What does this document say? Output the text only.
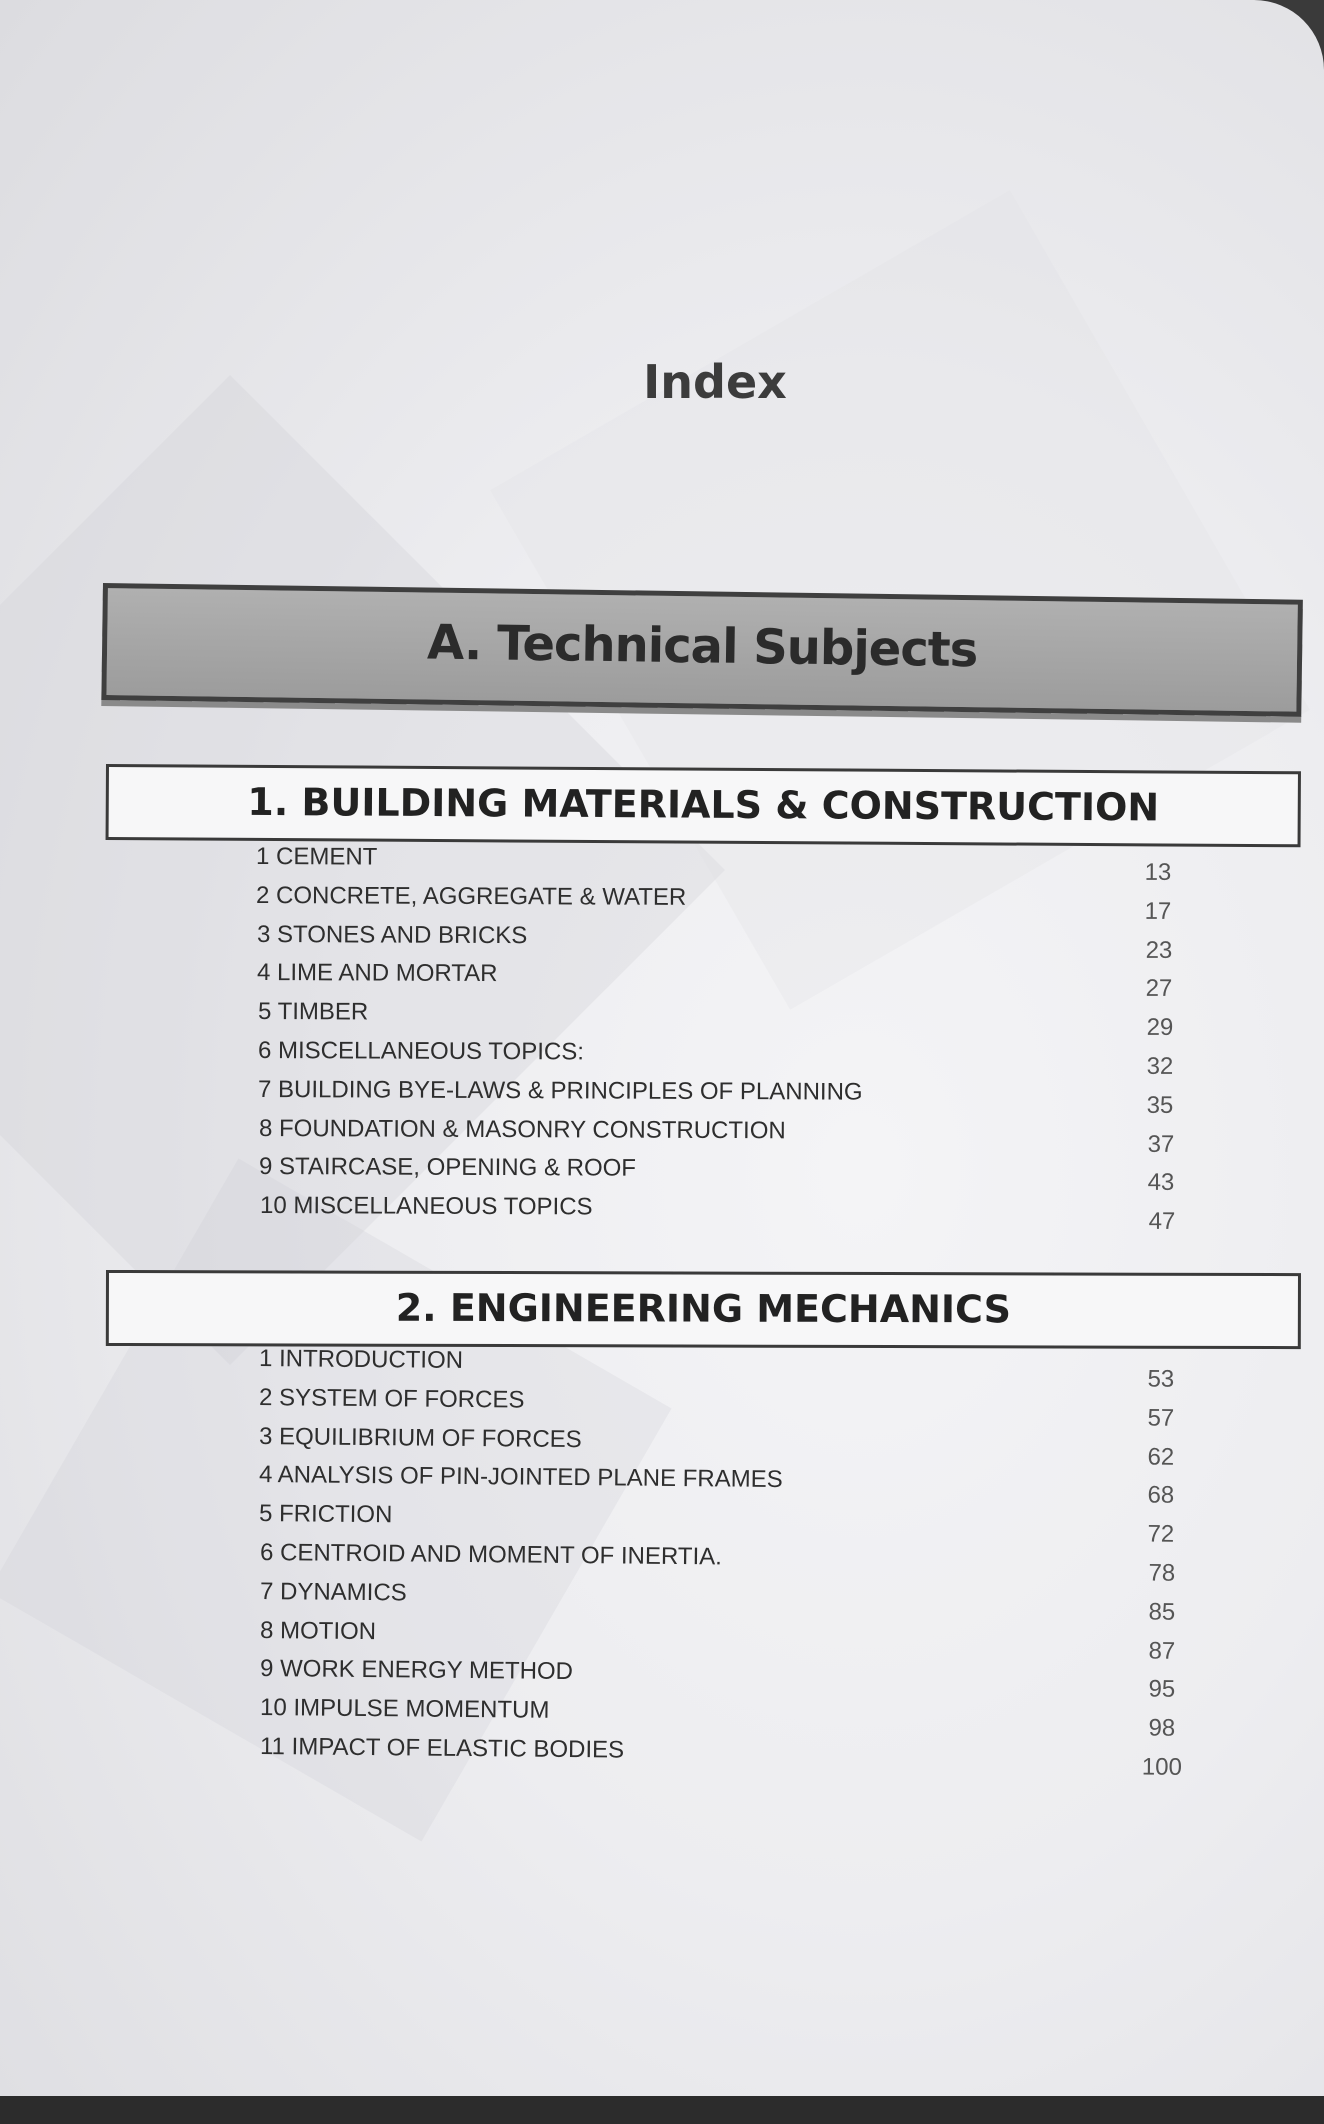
Index
A. Technical Subjects
1. BUILDING MATERIALS & CONSTRUCTION
2. ENGINEERING MECHANICS
1 CEMENT
13
2 CONCRETE, AGGREGATE & WATER
17
3 STONES AND BRICKS
23
4 LIME AND MORTAR
27
5 TIMBER
29
6 MISCELLANEOUS TOPICS:
32
7 BUILDING BYE-LAWS & PRINCIPLES OF PLANNING	35
8 FOUNDATION & MASONRY CONSTRUCTION
37
9 STAIRCASE, OPENING & ROOF
43
10 MISCELLANEOUS TOPICS
47
1 INTRODUCTION
53
2 SYSTEM OF FORCES
57
3 EQUILIBRIUM OF FORCES
62
4 ANALYSIS OF PIN-JOINTED PLANE FRAMES
68
5 FRICTION
72
6 CENTROID AND MOMENT OF INERTIA.
78
7 DYNAMICS
85
8 MOTION
87
9 WORK ENERGY METHOD
95
10 IMPULSE MOMENTUM
98
11 IMPACT OF ELASTIC BODIES
100
